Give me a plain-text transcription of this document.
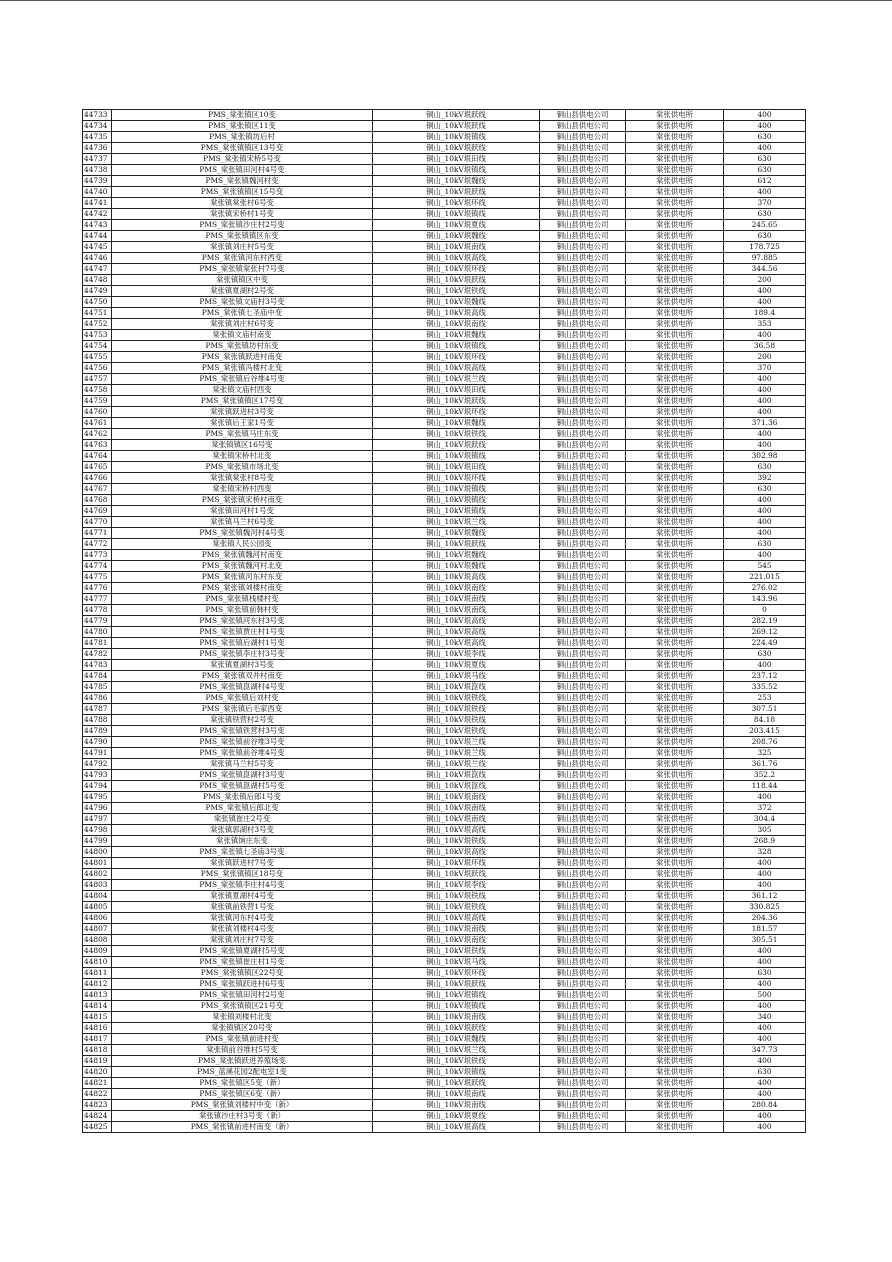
44733	PMS_棠张镇区10变	铜山_10kV垠跃线	铜山县供电公司	棠张供电所	400
44734	PMS_棠张镇区11变	铜山_10kV垠跃线	铜山县供电公司	棠张供电所	400
44735	PMS_棠张镇坊后村	铜山_10kV垠镇线	铜山县供电公司	棠张供电所	630
44736	PMS_棠张镇镇区13号变	铜山_10kV垠跃线	铜山县供电公司	棠张供电所	400
44737	PMS_棠张镇宋桥5号变	铜山_10kV垠田线	铜山县供电公司	棠张供电所	630
44738	PMS_棠张镇田河村4号变	铜山_10kV垠镇线	铜山县供电公司	棠张供电所	630
44739	PMS_棠张镇魏河村变	铜山_10kV垠魏线	铜山县供电公司	棠张供电所	612
44740	PMS_棠张镇镇区15号变	铜山_10kV垠跃线	铜山县供电公司	棠张供电所	400
44741	棠张镇棠张村6号变	铜山_10kV垠环线	铜山县供电公司	棠张供电所	370
44742	棠张镇宋桥村1号变	铜山_10kV垠镇线	铜山县供电公司	棠张供电所	630
44743	PMS_棠张镇沙庄村2号变	铜山_10kV垠夏线	铜山县供电公司	棠张供电所	245.65
44744	PMS_棠张镇镇区东变	铜山_10kV垠魏线	铜山县供电公司	棠张供电所	630
44745	棠张镇刘庄村5号变	铜山_10kV垠南线	铜山县供电公司	棠张供电所	178.725
44746	PMS_棠张镇河东村西变	铜山_10kV垠高线	铜山县供电公司	棠张供电所	97.885
44747	PMS_棠张镇棠张村7号变	铜山_10kV垠环线	铜山县供电公司	棠张供电所	344.56
44748	棠张镇镇区中变	铜山_10kV垠跃线	铜山县供电公司	棠张供电所	200
44749	棠张镇夏湖村2号变	铜山_10kV垠铁线	铜山县供电公司	棠张供电所	400
44750	PMS_棠张镇文庙村3号变	铜山_10kV垠魏线	铜山县供电公司	棠张供电所	400
44751	PMS_棠张镇七圣庙中变	铜山_10kV垠高线	铜山县供电公司	棠张供电所	189.4
44752	棠张镇刘庄村6号变	铜山_10kV垠南线	铜山县供电公司	棠张供电所	353
44753	棠张镇文庙村南变	铜山_10kV垠魏线	铜山县供电公司	棠张供电所	400
44754	PMS_棠张镇坊村东变	铜山_10kV垠镇线	铜山县供电公司	棠张供电所	36.58
44755	PMS_棠张镇跃进村南变	铜山_10kV垠环线	铜山县供电公司	棠张供电所	200
44756	PMS_棠张镇冯楼村北变	铜山_10kV垠高线	铜山县供电公司	棠张供电所	370
44757	PMS_棠张镇后谷堆4号变	铜山_10kV垠兰线	铜山县供电公司	棠张供电所	400
44758	棠张镇文庙村西变	铜山_10kV垠田线	铜山县供电公司	棠张供电所	400
44759	PMS_棠张镇镇区17号变	铜山_10kV垠跃线	铜山县供电公司	棠张供电所	400
44760	棠张镇跃进村3号变	铜山_10kV垠环线	铜山县供电公司	棠张供电所	400
44761	棠张镇后王家1号变	铜山_10kV垠魏线	铜山县供电公司	棠张供电所	371.36
44762	PMS_棠张镇马庄东变	铜山_10kV垠铁线	铜山县供电公司	棠张供电所	400
44763	棠张镇镇区16号变	铜山_10kV垠跃线	铜山县供电公司	棠张供电所	400
44764	棠张镇宋桥村北变	铜山_10kV垠镇线	铜山县供电公司	棠张供电所	302.98
44765	PMS_棠张镇市场北变	铜山_10kV垠田线	铜山县供电公司	棠张供电所	630
44766	棠张镇棠张村8号变	铜山_10kV垠环线	铜山县供电公司	棠张供电所	392
44767	棠张镇宋桥村西变	铜山_10kV垠镇线	铜山县供电公司	棠张供电所	630
44768	PMS_棠张镇宋桥村南变	铜山_10kV垠镇线	铜山县供电公司	棠张供电所	400
44769	棠张镇田河村1号变	铜山_10kV垠镇线	铜山县供电公司	棠张供电所	400
44770	棠张镇马兰村6号变	铜山_10kV垠兰线	铜山县供电公司	棠张供电所	400
44771	PMS_棠张镇魏河村4号变	铜山_10kV垠魏线	铜山县供电公司	棠张供电所	400
44772	棠张镇人民公园变	铜山_10kV垠跃线	铜山县供电公司	棠张供电所	630
44773	PMS_棠张镇魏河村南变	铜山_10kV垠魏线	铜山县供电公司	棠张供电所	400
44774	PMS_棠张镇魏河村北变	铜山_10kV垠魏线	铜山县供电公司	棠张供电所	545
44775	PMS_棠张镇河东村东变	铜山_10kV垠高线	铜山县供电公司	棠张供电所	221.015
44776	PMS_棠张镇刘楼村南变	铜山_10kV垠南线	铜山县供电公司	棠张供电所	276.02
44777	PMS_棠张镇栈楼村变	铜山_10kV垠南线	铜山县供电公司	棠张供电所	143.96
44778	PMS_棠张镇前韩村变	铜山_10kV垠南线	铜山县供电公司	棠张供电所	0
44779	PMS_棠张镇河东村3号变	铜山_10kV垠高线	铜山县供电公司	棠张供电所	282.19
44780	PMS_棠张镇贾庄村1号变	铜山_10kV垠高线	铜山县供电公司	棠张供电所	269.12
44781	PMS_棠张镇后湖村1号变	铜山_10kV垠高线	铜山县供电公司	棠张供电所	224.49
44782	PMS_棠张镇李庄村3号变	铜山_10kV垠李线	铜山县供电公司	棠张供电所	630
44783	棠张镇夏湖村3号变	铜山_10kV垠夏线	铜山县供电公司	棠张供电所	400
44784	PMS_棠张镇双井村南变	铜山_10kV垠马线	铜山县供电公司	棠张供电所	237.12
44785	PMS_棠张镇崑湖村4号变	铜山_10kV垠崑线	铜山县供电公司	棠张供电所	335.52
44786	PMS_棠张镇后刘村变	铜山_10kV垠铁线	铜山县供电公司	棠张供电所	253
44787	PMS_棠张镇后毛家西变	铜山_10kV垠铁线	铜山县供电公司	棠张供电所	307.51
44788	棠张镇铁营村2号变	铜山_10kV垠铁线	铜山县供电公司	棠张供电所	84.18
44789	PMS_棠张镇铁营村3号变	铜山_10kV垠铁线	铜山县供电公司	棠张供电所	203.415
44790	PMS_棠张镇前谷堆3号变	铜山_10kV垠兰线	铜山县供电公司	棠张供电所	208.76
44791	PMS_棠张镇前谷堆4号变	铜山_10kV垠兰线	铜山县供电公司	棠张供电所	325
44792	棠张镇马兰村5号变	铜山_10kV垠兰线	铜山县供电公司	棠张供电所	361.76
44793	PMS_棠张镇崑湖村3号变	铜山_10kV垠崑线	铜山县供电公司	棠张供电所	352.2
44794	PMS_棠张镇崑湖村5号变	铜山_10kV垠崑线	铜山县供电公司	棠张供电所	118.44
44795	PMS_棠张镇后郎1号变	铜山_10kV垠南线	铜山县供电公司	棠张供电所	400
44796	PMS_棠张镇后郎北变	铜山_10kV垠南线	铜山县供电公司	棠张供电所	372
44797	棠张镇崔庄2号变	铜山_10kV垠南线	铜山县供电公司	棠张供电所	304.4
44798	棠张镇郭湖村3号变	铜山_10kV垠高线	铜山县供电公司	棠张供电所	305
44799	棠张镇饷庄东变	铜山_10kV垠铁线	铜山县供电公司	棠张供电所	268.9
44800	PMS_棠张镇七圣庙3号变	铜山_10kV垠高线	铜山县供电公司	棠张供电所	328
44801	棠张镇跃进村7号变	铜山_10kV垠环线	铜山县供电公司	棠张供电所	400
44802	PMS_棠张镇镇区18号变	铜山_10kV垠跃线	铜山县供电公司	棠张供电所	400
44803	PMS_棠张镇李庄村4号变	铜山_10kV垠李线	铜山县供电公司	棠张供电所	400
44804	棠张镇夏湖村4号变	铜山_10kV垠铁线	铜山县供电公司	棠张供电所	361.12
44805	棠张镇前铁营1号变	铜山_10kV垠铁线	铜山县供电公司	棠张供电所	330.825
44806	棠张镇河东村4号变	铜山_10kV垠高线	铜山县供电公司	棠张供电所	204.36
44807	棠张镇刘楼村4号变	铜山_10kV垠南线	铜山县供电公司	棠张供电所	181.57
44808	棠张镇刘庄村7号变	铜山_10kV垠南线	铜山县供电公司	棠张供电所	305.51
44809	PMS_棠张镇夏湖村5号变	铜山_10kV垠铁线	铜山县供电公司	棠张供电所	400
44810	PMS_棠张镇崔庄村1号变	铜山_10kV垠马线	铜山县供电公司	棠张供电所	400
44811	PMS_棠张镇镇区22号变	铜山_10kV垠环线	铜山县供电公司	棠张供电所	630
44812	PMS_棠张镇跃进村6号变	铜山_10kV垠跃线	铜山县供电公司	棠张供电所	400
44813	PMS_棠张镇田河村2号变	铜山_10kV垠镇线	铜山县供电公司	棠张供电所	500
44814	PMS_棠张镇镇区21号变	铜山_10kV垠镇线	铜山县供电公司	棠张供电所	400
44815	棠张镇刘楼村北变	铜山_10kV垠南线	铜山县供电公司	棠张供电所	340
44816	棠张镇镇区20号变	铜山_10kV垠跃线	铜山县供电公司	棠张供电所	400
44817	PMS_棠张镇前进村变	铜山_10kV垠魏线	铜山县供电公司	棠张供电所	400
44818	棠张镇前谷堆村5号变	铜山_10kV垠兰线	铜山县供电公司	棠张供电所	347.73
44819	PMS_棠张镇跃进养殖场变	铜山_10kV垠铁线	铜山县供电公司	棠张供电所	400
44820	PMS_蓝溪花园2配电室1变	铜山_10kV垠镇线	铜山县供电公司	棠张供电所	630
44821	PMS_棠张镇区5变（新）	铜山_10kV垠跃线	铜山县供电公司	棠张供电所	400
44822	PMS_棠张镇区6变（新）	铜山_10kV垠南线	铜山县供电公司	棠张供电所	400
44823	PMS_棠张镇刘楼村中变（新）	铜山_10kV垠南线	铜山县供电公司	棠张供电所	280.84
44824	棠张镇沙庄村3号变（新）	铜山_10kV垠夏线	铜山县供电公司	棠张供电所	400
44825	PMS_棠张镇前进村南变（新）	铜山_10kV垠高线	铜山县供电公司	棠张供电所	400
